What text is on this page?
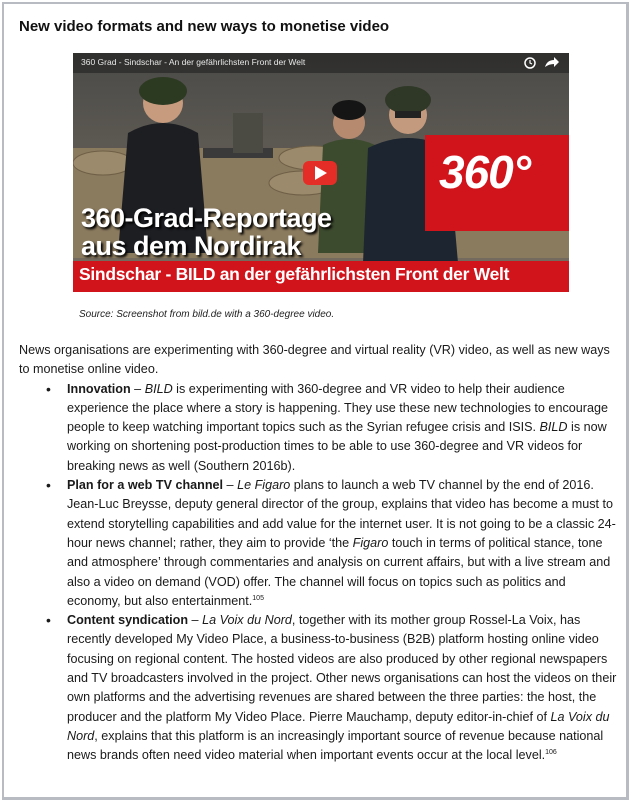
New video formats and new ways to monetise video
360 Grad - Sindschar - An der gefährlichsten Front der Welt
360°
360-Grad-Reportage
aus dem Nordirak
Sindschar - BILD an der gefährlichsten Front der Welt
Source: Screenshot from bild.de with a 360-degree video.

News organisations are experimenting with 360-degree and virtual reality (VR) video, as well as new ways to monetise online video.

• Innovation – BILD is experimenting with 360-degree and VR video to help their audience experience the place where a story is happening. They use these new technologies to encourage people to keep watching important topics such as the Syrian refugee crisis and ISIS. BILD is now working on shortening post-production times to be able to use 360-degree and VR videos for breaking news as well (Southern 2016b).
• Plan for a web TV channel – Le Figaro plans to launch a web TV channel by the end of 2016. Jean-Luc Breysse, deputy general director of the group, explains that video has become a must to extend storytelling capabilities and add value for the internet user. It is not going to be a classic 24-hour news channel; rather, they aim to provide ‘the Figaro touch in terms of political stance, tone and atmosphere’ through commentaries and analysis on current affairs, but with a live stream and also a video on demand (VOD) offer. The channel will focus on topics such as politics and economy, but also entertainment.$^{105}$
• Content syndication – La Voix du Nord, together with its mother group Rossel-La Voix, has recently developed My Video Place, a business-to-business (B2B) platform hosting online video focusing on regional content. The hosted videos are also produced by other regional newspapers and TV broadcasters involved in the project. Other news organisations can host the videos on their own platforms and the advertising revenues are shared between the three parties: the host, the producer and the platform My Video Place. Pierre Mauchamp, deputy editor-in-chief of La Voix du Nord, explains that this platform is an increasingly important source of revenue because national news brands often need video material when important events occur at the local level.$^{106}$
